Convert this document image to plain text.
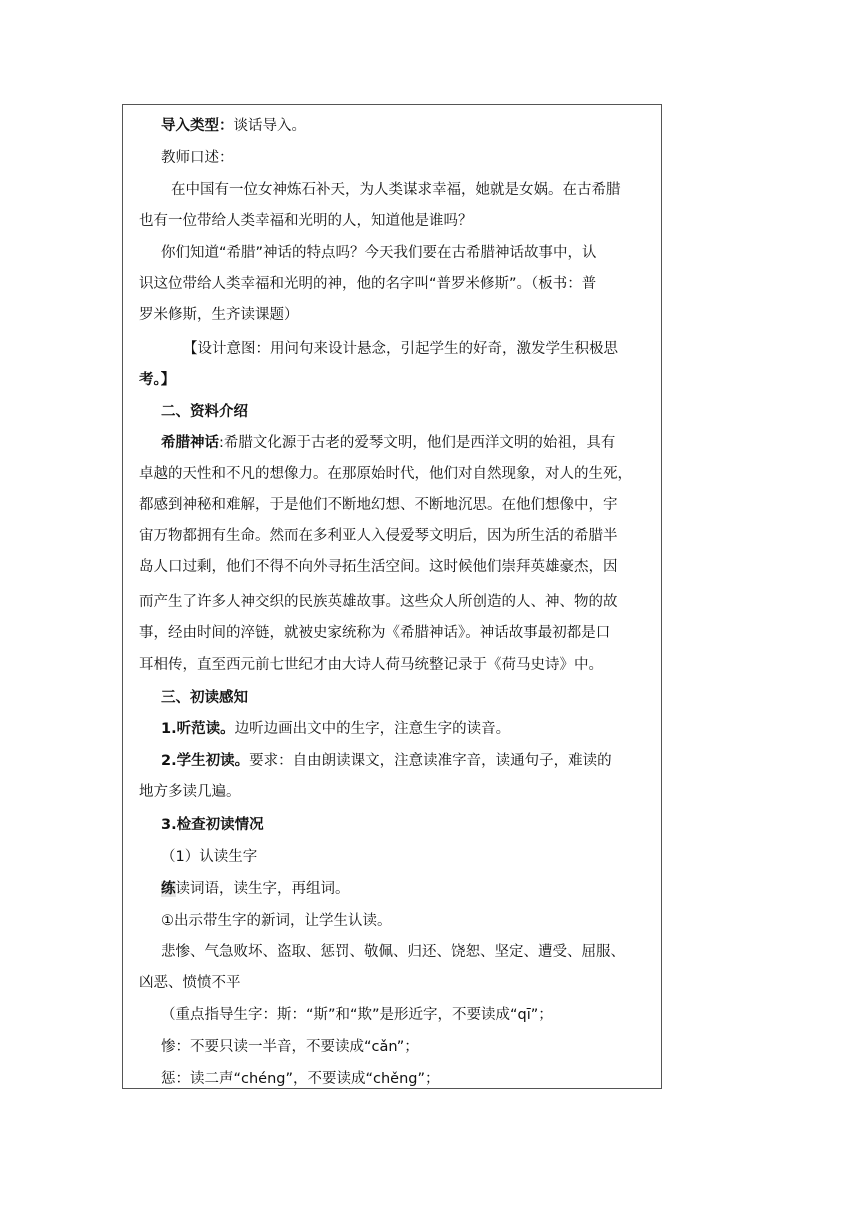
导入类型：谈话导入。
教师口述：
在中国有一位女神炼石补天，为人类谋求幸福，她就是女娲。在古希腊
也有一位带给人类幸福和光明的人，知道他是谁吗？
你们知道“希腊”神话的特点吗？今天我们要在古希腊神话故事中，认
识这位带给人类幸福和光明的神，他的名字叫“普罗米修斯”。（板书：普
罗米修斯，生齐读课题）
【设计意图：用问句来设计悬念，引起学生的好奇，激发学生积极思
考。】
二、资料介绍
希腊神话:希腊文化源于古老的爱琴文明，他们是西洋文明的始祖，具有
卓越的天性和不凡的想像力。在那原始时代，他们对自然现象，对人的生死，
都感到神秘和难解，于是他们不断地幻想、不断地沉思。在他们想像中，宇
宙万物都拥有生命。然而在多利亚人入侵爱琴文明后，因为所生活的希腊半
岛人口过剩，他们不得不向外寻拓生活空间。这时候他们崇拜英雄豪杰，因
而产生了许多人神交织的民族英雄故事。这些众人所创造的人、神、物的故
事，经由时间的淬链，就被史家统称为《希腊神话》。神话故事最初都是口
耳相传，直至西元前七世纪才由大诗人荷马统整记录于《荷马史诗》中。
三、初读感知
1.听范读。边听边画出文中的生字，注意生字的读音。
2.学生初读。要求：自由朗读课文，注意读准字音，读通句子，难读的
地方多读几遍。
3.检查初读情况
（1）认读生字
练读词语，读生字，再组词。
①出示带生字的新词，让学生认读。
悲惨、气急败坏、盗取、惩罚、敬佩、归还、饶恕、坚定、遭受、屈服、
凶恶、愤愤不平
（重点指导生字：斯：“斯”和“欺”是形近字，不要读成“qī”；
惨：不要只读一半音，不要读成“cǎn”；
惩：读二声“chéng”，不要读成“chěng”；
